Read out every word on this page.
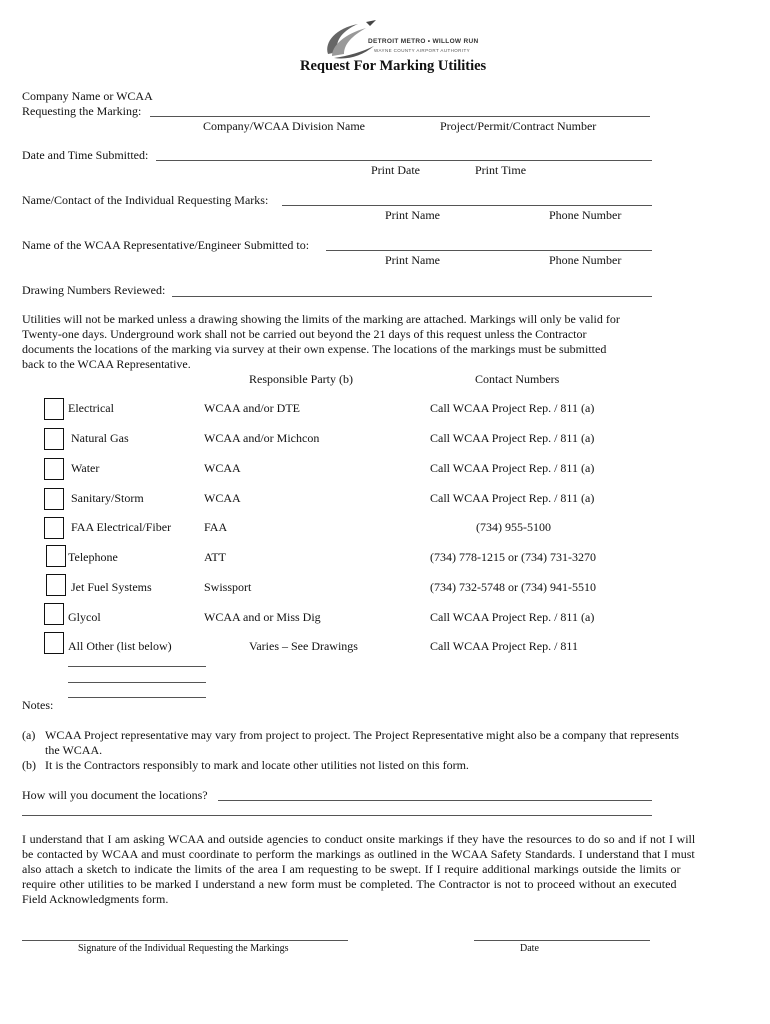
DETROIT METRO • WILLOW RUN
WAYNE COUNTY AIRPORT AUTHORITY
Request For Marking Utilities
Company Name or WCAA
Requesting the Marking:
Company/WCAA Division Name	Project/Permit/Contract Number
Date and Time Submitted:
Print Date	Print Time
Name/Contact of the Individual Requesting Marks:
Print Name	Phone Number
Name of the WCAA Representative/Engineer Submitted to:
Print Name	Phone Number
Drawing Numbers Reviewed:
Utilities will not be marked unless a drawing showing the limits of the marking are attached. Markings will only be valid for
Twenty-one days. Underground work shall not be carried out beyond the 21 days of this request unless the Contractor
documents the locations of the marking via survey at their own expense. The locations of the markings must be submitted
back to the WCAA Representative.
Responsible Party (b)	Contact Numbers
Electrical	WCAA and/or DTE	Call WCAA Project Rep. / 811 (a)
Natural Gas	WCAA and/or Michcon	Call WCAA Project Rep. / 811 (a)
Water	WCAA	Call WCAA Project Rep. / 811 (a)
Sanitary/Storm	WCAA	Call WCAA Project Rep. / 811 (a)
FAA Electrical/Fiber	FAA	(734) 955-5100
Telephone	ATT	(734) 778-1215 or (734) 731-3270
Jet Fuel Systems	Swissport	(734) 732-5748 or (734) 941-5510
Glycol	WCAA and or Miss Dig	Call WCAA Project Rep. / 811 (a)
All Other (list below)	Varies – See Drawings	Call WCAA Project Rep. / 811
Notes:
(a) WCAA Project representative may vary from project to project. The Project Representative might also be a company that represents
the WCAA.
(b) It is the Contractors responsibly to mark and locate other utilities not listed on this form.
How will you document the locations?
I understand that I am asking WCAA and outside agencies to conduct onsite markings if they have the resources to do so and if not I will
be contacted by WCAA and must coordinate to perform the markings as outlined in the WCAA Safety Standards. I understand that I must
also attach a sketch to indicate the limits of the area I am requesting to be swept. If I require additional markings outside the limits or
require other utilities to be marked I understand a new form must be completed. The Contractor is not to proceed without an executed
Field Acknowledgments form.
Signature of the Individual Requesting the Markings	Date
